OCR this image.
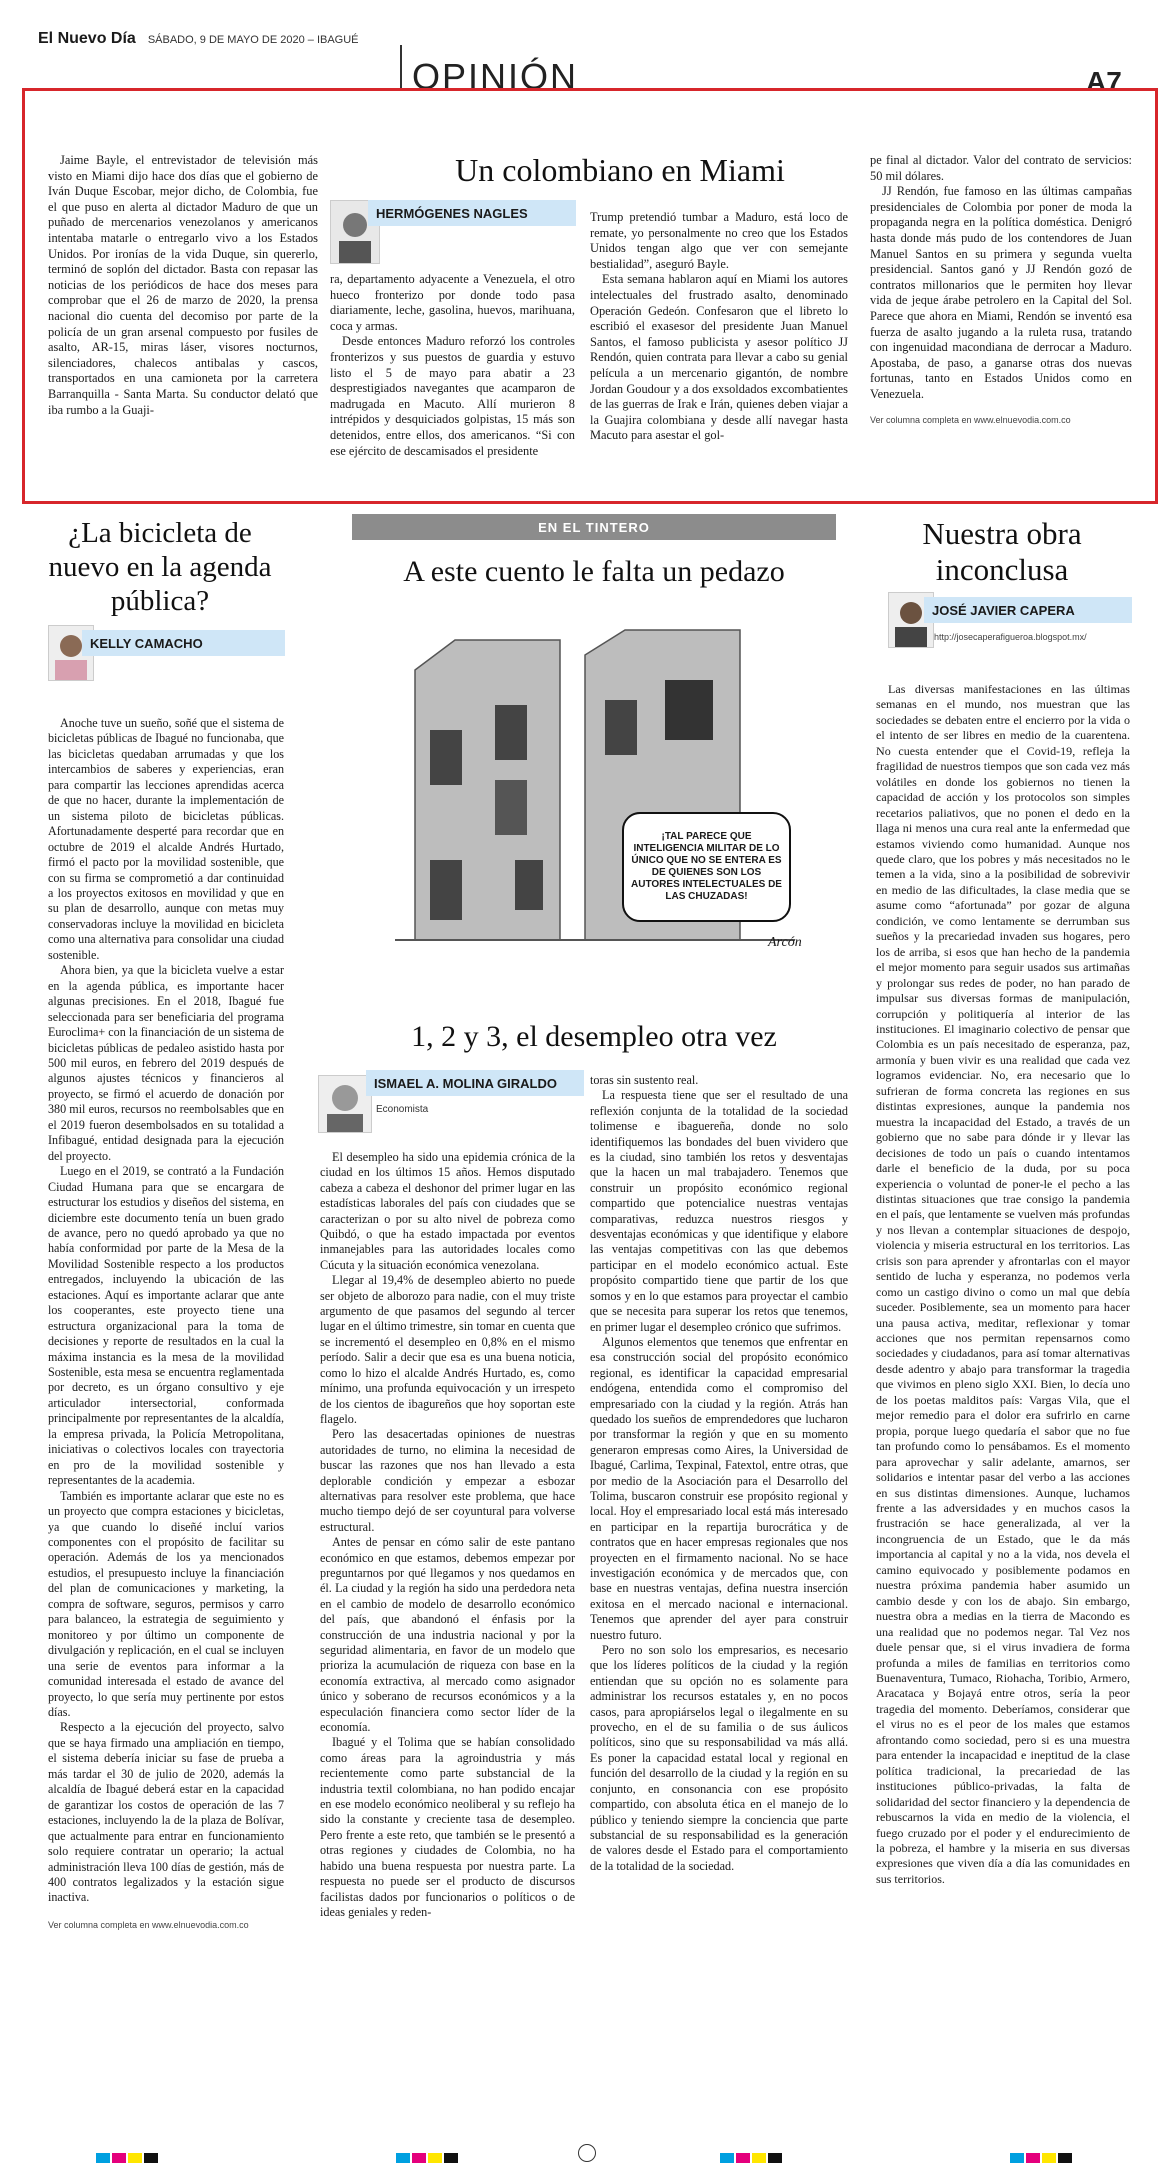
El Nuevo Día SÁBADO, 9 DE MAYO DE 2020 – IBAGUÉ
OPINIÓN	A7

Jaime Bayle, el entrevistador de televisión más visto en Miami dijo hace dos días que el gobierno de Iván Duque Escobar, mejor dicho, de Colombia, fue el que puso en alerta al dictador Maduro de que un puñado de mercenarios venezolanos y americanos intentaba matarle o entregarlo vivo a los Estados Unidos. Por ironías de la vida Duque, sin quererlo, terminó de soplón del dictador. Basta con repasar las noticias de los periódicos de hace dos meses para comprobar que el 26 de marzo de 2020, la prensa nacional dio cuenta del decomiso por parte de la policía de un gran arsenal compuesto por fusiles de asalto, AR-15, miras láser, visores nocturnos, silenciadores, chalecos antibalas y cascos, transportados en una camioneta por la carretera Barranquilla - Santa Marta. Su conductor delató que iba rumbo a la Guaji-

Un colombiano en Miami
HERMÓGENES NAGLES

ra, departamento adyacente a Venezuela, el otro hueco fronterizo por donde todo pasa diariamente, leche, gasolina, huevos, marihuana, coca y armas.

Desde entonces Maduro reforzó los controles fronterizos y sus puestos de guardia y estuvo listo el 5 de mayo para abatir a 23 desprestigiados navegantes que acamparon de madrugada en Macuto. Allí murieron 8 intrépidos y desquiciados golpistas, 15 más son detenidos, entre ellos, dos americanos. “Si con ese ejército de descamisados el presidente

Trump pretendió tumbar a Maduro, está loco de remate, yo personalmente no creo que los Estados Unidos tengan algo que ver con semejante bestialidad”, aseguró Bayle.

Esta semana hablaron aquí en Miami los autores intelectuales del frustrado asalto, denominado Operación Gedeón. Confesaron que el libreto lo escribió el exasesor del presidente Juan Manuel Santos, el famoso publicista y asesor político JJ Rendón, quien contrata para llevar a cabo su genial película a un mercenario gigantón, de nombre Jordan Goudour y a dos exsoldados excombatientes de las guerras de Irak e Irán, quienes deben viajar a la Guajira colombiana y desde allí navegar hasta Macuto para asestar el gol-

pe final al dictador. Valor del contrato de servicios: 50 mil dólares.

JJ Rendón, fue famoso en las últimas campañas presidenciales de Colombia por poner de moda la propaganda negra en la política doméstica. Denigró hasta donde más pudo de los contendores de Juan Manuel Santos en su primera y segunda vuelta presidencial. Santos ganó y JJ Rendón gozó de contratos millonarios que le permiten hoy llevar vida de jeque árabe petrolero en la Capital del Sol. Parece que ahora en Miami, Rendón se inventó esa fuerza de asalto jugando a la ruleta rusa, tratando con ingenuidad macondiana de derrocar a Maduro. Apostaba, de paso, a ganarse otras dos nuevas fortunas, tanto en Estados Unidos como en Venezuela.

Ver columna completa en www.elnuevodia.com.co
¿La bicicleta de nuevo en la agenda pública?
KELLY CAMACHO

Anoche tuve un sueño, soñé que el sistema de bicicletas públicas de Ibagué no funcionaba, que las bicicletas quedaban arrumadas y que los intercambios de saberes y experiencias, eran para compartir las lecciones aprendidas acerca de que no hacer, durante la implementación de un sistema piloto de bicicletas públicas. Afortunadamente desperté para recordar que en octubre de 2019 el alcalde Andrés Hurtado, firmó el pacto por la movilidad sostenible, que con su firma se comprometió a dar continuidad a los proyectos exitosos en movilidad y que en su plan de desarrollo, aunque con metas muy conservadoras incluye la movilidad en bicicleta como una alternativa para consolidar una ciudad sostenible.

Ahora bien, ya que la bicicleta vuelve a estar en la agenda pública, es importante hacer algunas precisiones. En el 2018, Ibagué fue seleccionada para ser beneficiaria del programa Euroclima+ con la financiación de un sistema de bicicletas públicas de pedaleo asistido hasta por 500 mil euros, en febrero del 2019 después de algunos ajustes técnicos y financieros al proyecto, se firmó el acuerdo de donación por 380 mil euros, recursos no reembolsables que en el 2019 fueron desembolsados en su totalidad a Infibagué, entidad designada para la ejecución del proyecto.

Luego en el 2019, se contrató a la Fundación Ciudad Humana para que se encargara de estructurar los estudios y diseños del sistema, en diciembre este documento tenía un buen grado de avance, pero no quedó aprobado ya que no había conformidad por parte de la Mesa de la Movilidad Sostenible respecto a los productos entregados, incluyendo la ubicación de las estaciones. Aquí es importante aclarar que ante los cooperantes, este proyecto tiene una estructura organizacional para la toma de decisiones y reporte de resultados en la cual la máxima instancia es la mesa de la movilidad Sostenible, esta mesa se encuentra reglamentada por decreto, es un órgano consultivo y eje articulador intersectorial, conformada principalmente por representantes de la alcaldía, la empresa privada, la Policía Metropolitana, iniciativas o colectivos locales con trayectoria en pro de la movilidad sostenible y representantes de la academia.

También es importante aclarar que este no es un proyecto que compra estaciones y bicicletas, ya que cuando lo diseñé incluí varios componentes con el propósito de facilitar su operación. Además de los ya mencionados estudios, el presupuesto incluye la financiación del plan de comunicaciones y marketing, la compra de software, seguros, permisos y carro para balanceo, la estrategia de seguimiento y monitoreo y por último un componente de divulgación y replicación, en el cual se incluyen una serie de eventos para informar a la comunidad interesada el estado de avance del proyecto, lo que sería muy pertinente por estos días.

Respecto a la ejecución del proyecto, salvo que se haya firmado una ampliación en tiempo, el sistema debería iniciar su fase de prueba a más tardar el 30 de julio de 2020, además la alcaldía de Ibagué deberá estar en la capacidad de garantizar los costos de operación de las 7 estaciones, incluyendo la de la plaza de Bolívar, que actualmente para entrar en funcionamiento solo requiere contratar un operario; la actual administración lleva 100 días de gestión, más de 400 contratos legalizados y la estación sigue inactiva.

Ver columna completa en www.elnuevodia.com.co
EN EL TINTERO
A este cuento le falta un pedazo
¡TAL PARECE QUE INTELIGENCIA MILITAR DE LO ÚNICO QUE NO SE ENTERA ES DE QUIENES SON LOS AUTORES INTELECTUALES DE LAS CHUZADAS!
Arcón
1, 2 y 3, el desempleo otra vez
ISMAEL A. MOLINA GIRALDO
Economista

El desempleo ha sido una epidemia crónica de la ciudad en los últimos 15 años. Hemos disputado cabeza a cabeza el deshonor del primer lugar en las estadísticas laborales del país con ciudades que se caracterizan o por su alto nivel de pobreza como Quibdó, o que ha estado impactada por eventos inmanejables para las autoridades locales como Cúcuta y la situación económica venezolana.

Llegar al 19,4% de desempleo abierto no puede ser objeto de alborozo para nadie, con el muy triste argumento de que pasamos del segundo al tercer lugar en el último trimestre, sin tomar en cuenta que se incrementó el desempleo en 0,8% en el mismo período. Salir a decir que esa es una buena noticia, como lo hizo el alcalde Andrés Hurtado, es, como mínimo, una profunda equivocación y un irrespeto de los cientos de ibagureños que hoy soportan este flagelo.

Pero las desacertadas opiniones de nuestras autoridades de turno, no elimina la necesidad de buscar las razones que nos han llevado a esta deplorable condición y empezar a esbozar alternativas para resolver este problema, que hace mucho tiempo dejó de ser coyuntural para volverse estructural.

Antes de pensar en cómo salir de este pantano económico en que estamos, debemos empezar por preguntarnos por qué llegamos y nos quedamos en él. La ciudad y la región ha sido una perdedora neta en el cambio de modelo de desarrollo económico del país, que abandonó el énfasis por la construcción de una industria nacional y por la seguridad alimentaria, en favor de un modelo que prioriza la acumulación de riqueza con base en la economía extractiva, al mercado como asignador único y soberano de recursos económicos y a la especulación financiera como sector líder de la economía.

Ibagué y el Tolima que se habían consolidado como áreas para la agroindustria y más recientemente como parte substancial de la industria textil colombiana, no han podido encajar en ese modelo económico neoliberal y su reflejo ha sido la constante y creciente tasa de desempleo. Pero frente a este reto, que también se le presentó a otras regiones y ciudades de Colombia, no ha habido una buena respuesta por nuestra parte. La respuesta no puede ser el producto de discursos facilistas dados por funcionarios o políticos o de ideas geniales y reden-

toras sin sustento real.

La respuesta tiene que ser el resultado de una reflexión conjunta de la totalidad de la sociedad tolimense e ibaguereña, donde no solo identifiquemos las bondades del buen vividero que es la ciudad, sino también los retos y desventajas que la hacen un mal trabajadero. Tenemos que construir un propósito económico regional compartido que potencialice nuestras ventajas comparativas, reduzca nuestros riesgos y desventajas económicas y que identifique y elabore las ventajas competitivas con las que debemos participar en el modelo económico actual. Este propósito compartido tiene que partir de los que somos y en lo que estamos para proyectar el cambio que se necesita para superar los retos que tenemos, en primer lugar el desempleo crónico que sufrimos.

Algunos elementos que tenemos que enfrentar en esa construcción social del propósito económico regional, es identificar la capacidad empresarial endógena, entendida como el compromiso del empresariado con la ciudad y la región. Atrás han quedado los sueños de emprendedores que lucharon por transformar la región y que en su momento generaron empresas como Aires, la Universidad de Ibagué, Carlima, Texpinal, Fatextol, entre otras, que por medio de la Asociación para el Desarrollo del Tolima, buscaron construir ese propósito regional y local. Hoy el empresariado local está más interesado en participar en la repartija burocrática y de contratos que en hacer empresas regionales que nos proyecten en el firmamento nacional. No se hace investigación económica y de mercados que, con base en nuestras ventajas, defina nuestra inserción exitosa en el mercado nacional e internacional. Tenemos que aprender del ayer para construir nuestro futuro.

Pero no son solo los empresarios, es necesario que los líderes políticos de la ciudad y la región entiendan que su opción no es solamente para administrar los recursos estatales y, en no pocos casos, para apropiárselos legal o ilegalmente en su provecho, en el de su familia o de sus áulicos políticos, sino que su responsabilidad va más allá. Es poner la capacidad estatal local y regional en función del desarrollo de la ciudad y la región en su conjunto, en consonancia con ese propósito compartido, con absoluta ética en el manejo de lo público y teniendo siempre la conciencia que parte substancial de su responsabilidad es la generación de valores desde el Estado para el comportamiento de la totalidad de la sociedad.

Nuestra obra inconclusa
JOSÉ JAVIER CAPERA
http://josecaperafigueroa.blogspot.mx/

Las diversas manifestaciones en las últimas semanas en el mundo, nos muestran que las sociedades se debaten entre el encierro por la vida o el intento de ser libres en medio de la cuarentena. No cuesta entender que el Covid-19, refleja la fragilidad de nuestros tiempos que son cada vez más volátiles en donde los gobiernos no tienen la capacidad de acción y los protocolos son simples recetarios paliativos, que no ponen el dedo en la llaga ni menos una cura real ante la enfermedad que estamos viviendo como humanidad. Aunque nos quede claro, que los pobres y más necesitados no le temen a la vida, sino a la posibilidad de sobrevivir en medio de las dificultades, la clase media que se asume como “afortunada” por gozar de alguna condición, ve como lentamente se derrumban sus sueños y la precariedad invaden sus hogares, pero los de arriba, si esos que han hecho de la pandemia el mejor momento para seguir usados sus artimañas y prolongar sus redes de poder, no han parado de impulsar sus diversas formas de manipulación, corrupción y politiquería al interior de las instituciones. El imaginario colectivo de pensar que Colombia es un país necesitado de esperanza, paz, armonía y buen vivir es una realidad que cada vez logramos evidenciar. No, era necesario que lo sufrieran de forma concreta las regiones en sus distintas expresiones, aunque la pandemia nos muestra la incapacidad del Estado, a través de un gobierno que no sabe para dónde ir y llevar las decisiones de todo un país o cuando intentamos darle el beneficio de la duda, por su poca experiencia o voluntad de poner-le el pecho a las distintas situaciones que trae consigo la pandemia en el país, que lentamente se vuelven más profundas y nos llevan a contemplar situaciones de despojo, violencia y miseria estructural en los territorios. Las crisis son para aprender y afrontarlas con el mayor sentido de lucha y esperanza, no podemos verla como un castigo divino o como un mal que debía suceder. Posiblemente, sea un momento para hacer una pausa activa, meditar, reflexionar y tomar acciones que nos permitan repensarnos como sociedades y ciudadanos, para así tomar alternativas desde adentro y abajo para transformar la tragedia que vivimos en pleno siglo XXI. Bien, lo decía uno de los poetas malditos país: Vargas Vila, que el mejor remedio para el dolor era sufrirlo en carne propia, porque luego quedaría el sabor que no fue tan profundo como lo pensábamos. Es el momento para aprovechar y salir adelante, amarnos, ser solidarios e intentar pasar del verbo a las acciones en sus distintas dimensiones. Aunque, luchamos frente a las adversidades y en muchos casos la frustración se hace generalizada, al ver la incongruencia de un Estado, que le da más importancia al capital y no a la vida, nos devela el camino equivocado y posiblemente podamos en nuestra próxima pandemia haber asumido un cambio desde y con los de abajo. Sin embargo, nuestra obra a medias en la tierra de Macondo es una realidad que no podemos negar. Tal Vez nos duele pensar que, si el virus invadiera de forma profunda a miles de familias en territorios como Buenaventura, Tumaco, Riohacha, Toribio, Armero, Aracataca y Bojayá entre otros, sería la peor tragedia del momento. Deberíamos, considerar que el virus no es el peor de los males que estamos afrontando como sociedad, pero si es una muestra para entender la incapacidad e ineptitud de la clase política tradicional, la precariedad de las instituciones público-privadas, la falta de solidaridad del sector financiero y la dependencia de rebuscarnos la vida en medio de la violencia, el fuego cruzado por el poder y el endurecimiento de la pobreza, el hambre y la miseria en sus diversas expresiones que viven día a día las comunidades en sus territorios.
